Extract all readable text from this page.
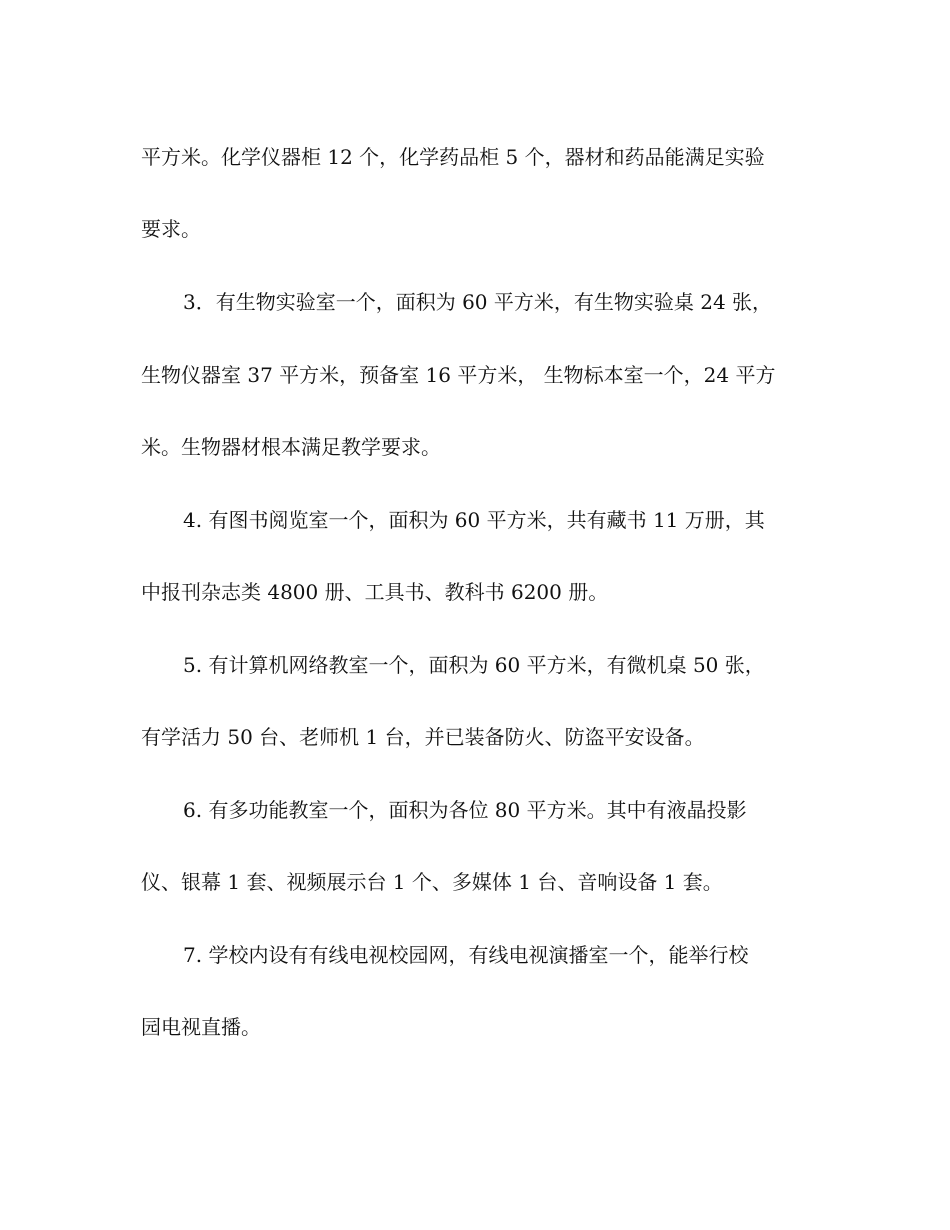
平方米。化学仪器柜 12 个，化学药品柜 5 个，器材和药品能满足实验
要求。
3．有生物实验室一个，面积为 60 平方米，有生物实验桌 24 张，
生物仪器室 37 平方米，预备室 16 平方米， 生物标本室一个，24 平方
米。生物器材根本满足教学要求。
4. 有图书阅览室一个，面积为 60 平方米，共有藏书 11 万册，其
中报刊杂志类 4800 册、工具书、教科书 6200 册。
5. 有计算机网络教室一个，面积为 60 平方米，有微机桌 50 张，
有学活力 50 台、老师机 1 台，并已装备防火、防盗平安设备。
6. 有多功能教室一个，面积为各位 80 平方米。其中有液晶投影
仪、银幕 1 套、视频展示台 1 个、多媒体 1 台、音响设备 1 套。
7. 学校内设有有线电视校园网，有线电视演播室一个，能举行校
园电视直播。
